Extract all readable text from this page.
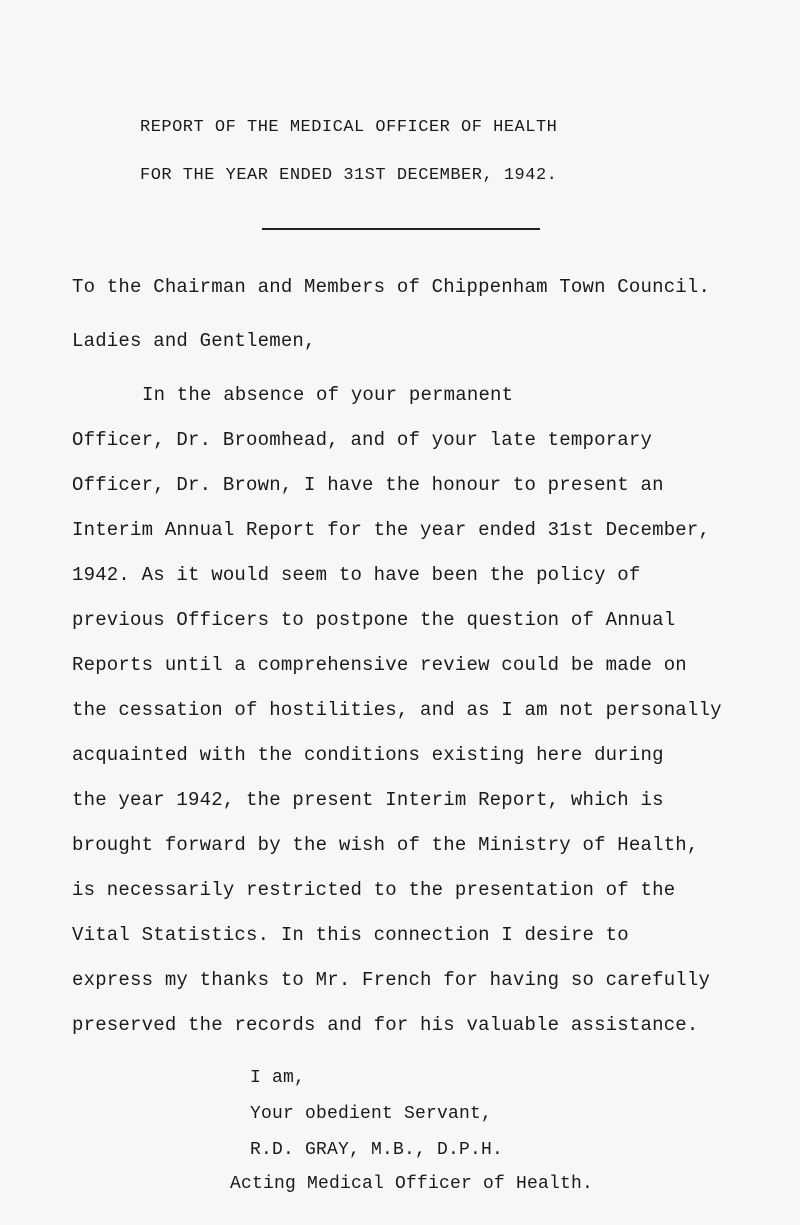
REPORT OF THE MEDICAL OFFICER OF HEALTH
FOR THE YEAR ENDED 31ST DECEMBER, 1942.
To the Chairman and Members of Chippenham Town Council.
Ladies and Gentlemen,
In the absence of your permanent
Officer, Dr. Broomhead, and of your late temporary
Officer, Dr. Brown, I have the honour to present an
Interim Annual Report for the year ended 31st December,
1942. As it would seem to have been the policy of
previous Officers to postpone the question of Annual
Reports until a comprehensive review could be made on
the cessation of hostilities, and as I am not personally
acquainted with the conditions existing here during
the year 1942, the present Interim Report, which is
brought forward by the wish of the Ministry of Health,
is necessarily restricted to the presentation of the
Vital Statistics. In this connection I desire to
express my thanks to Mr. French for having so carefully
preserved the records and for his valuable assistance.
I am,
Your obedient Servant,
R.D. GRAY, M.B., D.P.H.
Acting Medical Officer of Health.
